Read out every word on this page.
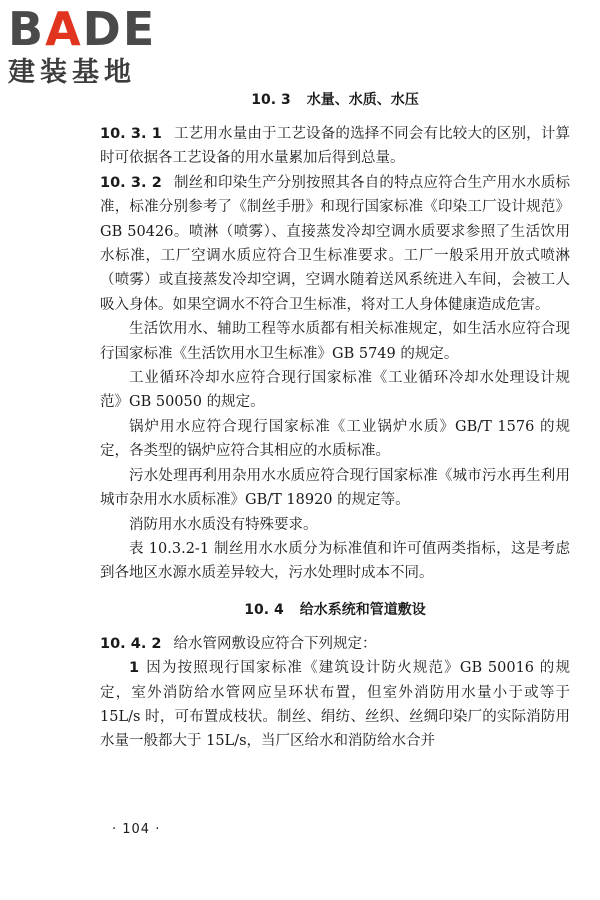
BADE
建装基地
10. 3 水量、水质、水压

10. 3. 1 工艺用水量由于工艺设备的选择不同会有比较大的区别，计算时可依据各工艺设备的用水量累加后得到总量。

10. 3. 2 制丝和印染生产分别按照其各自的特点应符合生产用水水质标准，标准分别参考了《制丝手册》和现行国家标准《印染工厂设计规范》GB 50426。喷淋（喷雾）、直接蒸发冷却空调水质要求参照了生活饮用水标准，工厂空调水质应符合卫生标准要求。工厂一般采用开放式喷淋（喷雾）或直接蒸发冷却空调，空调水随着送风系统进入车间，会被工人吸入身体。如果空调水不符合卫生标准，将对工人身体健康造成危害。

生活饮用水、辅助工程等水质都有相关标准规定，如生活水应符合现行国家标准《生活饮用水卫生标准》GB 5749 的规定。

工业循环冷却水应符合现行国家标准《工业循环冷却水处理设计规范》GB 50050 的规定。

锅炉用水应符合现行国家标准《工业锅炉水质》GB/T 1576 的规定，各类型的锅炉应符合其相应的水质标准。

污水处理再利用杂用水水质应符合现行国家标准《城市污水再生利用　城市杂用水水质标准》GB/T 18920 的规定等。

消防用水水质没有特殊要求。

表 10.3.2-1 制丝用水水质分为标准值和许可值两类指标，这是考虑到各地区水源水质差异较大，污水处理时成本不同。

10. 4 给水系统和管道敷设

10. 4. 2 给水管网敷设应符合下列规定：

1 因为按照现行国家标准《建筑设计防火规范》GB 50016 的规定，室外消防给水管网应呈环状布置，但室外消防用水量小于或等于 15L/s 时，可布置成枝状。制丝、绢纺、丝织、丝绸印染厂的实际消防用水量一般都大于 15L/s，当厂区给水和消防给水合并

· 104 ·
